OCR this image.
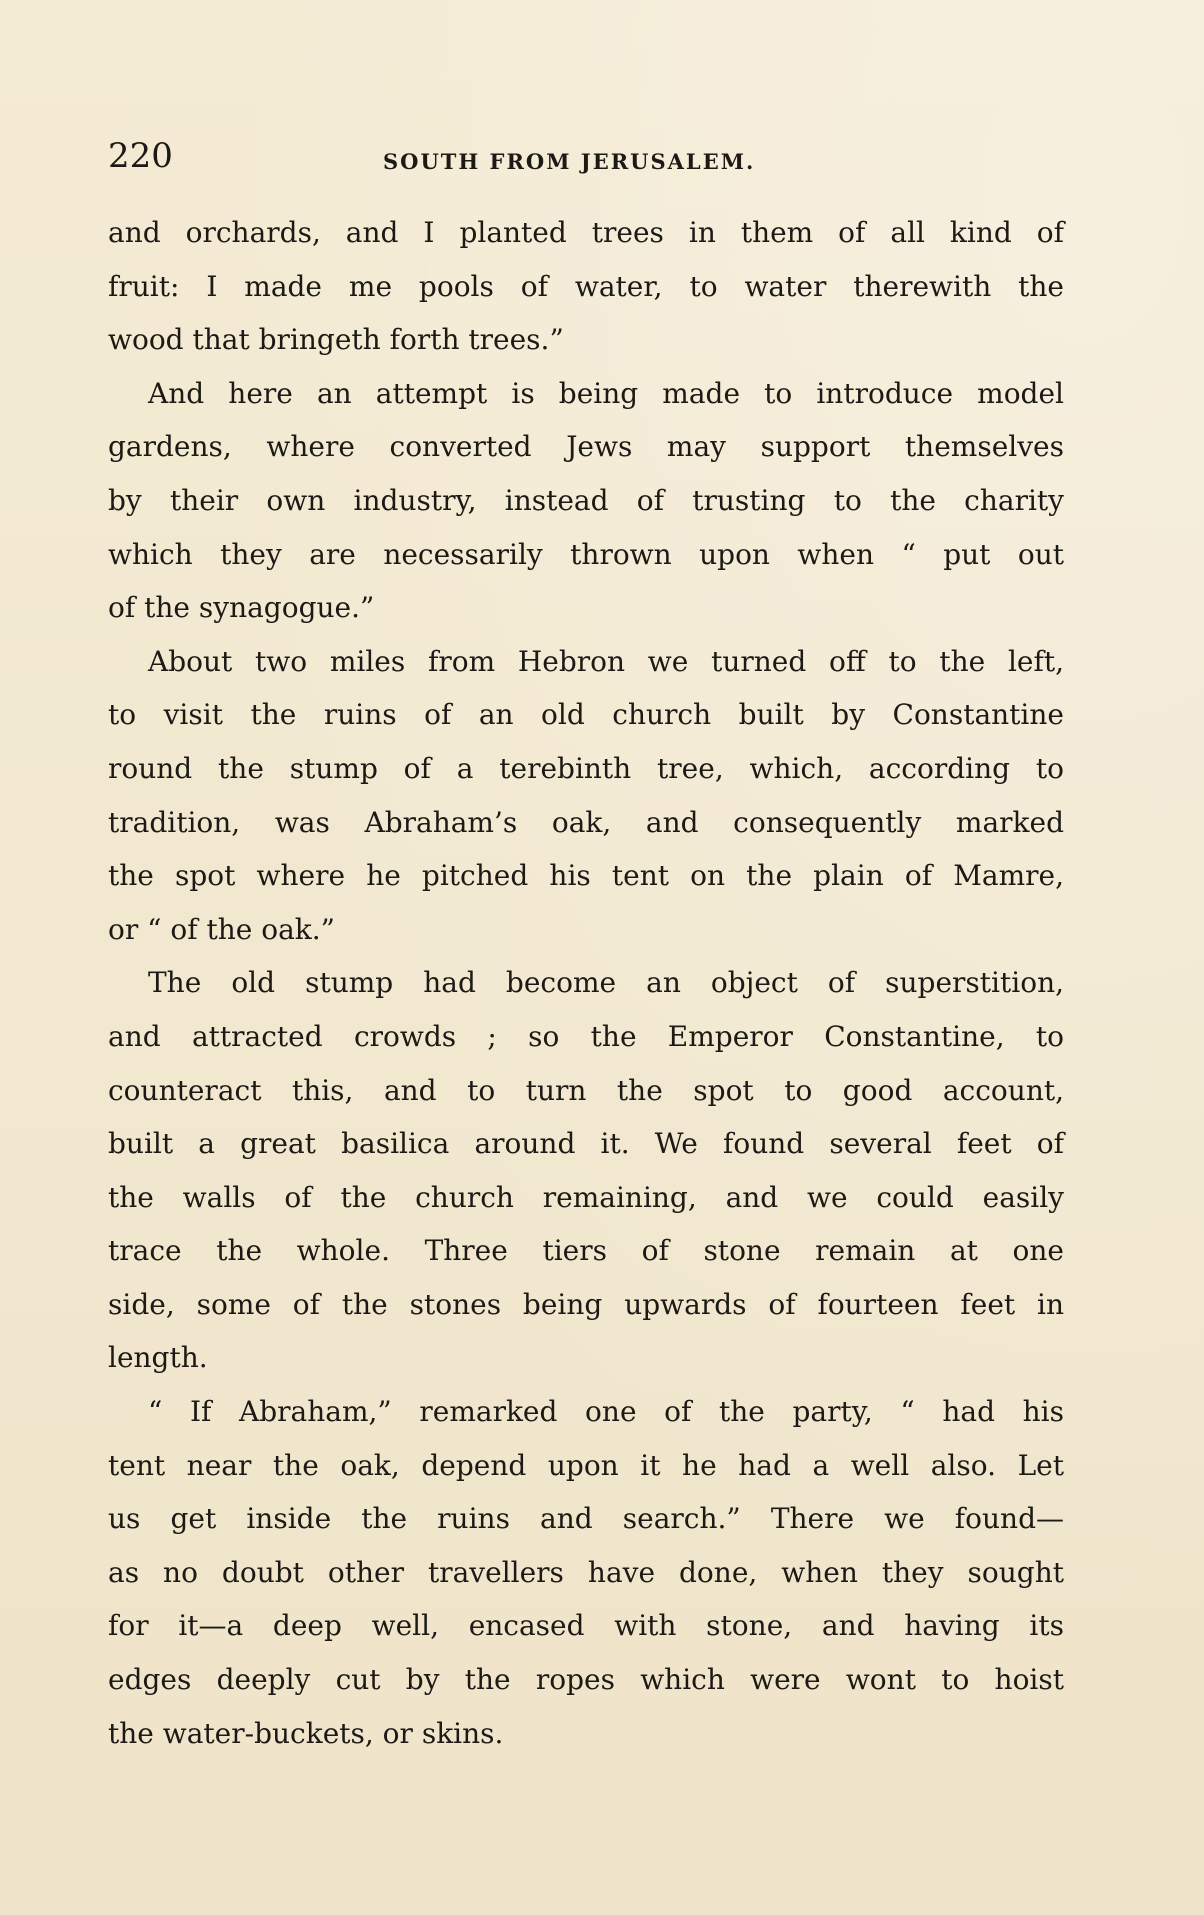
220	SOUTH FROM JERUSALEM.
and orchards, and I planted trees in them of all kind of
fruit: I made me pools of water, to water therewith the
wood that bringeth forth trees.”
And here an attempt is being made to introduce model
gardens, where converted Jews may support themselves
by their own industry, instead of trusting to the charity
which they are necessarily thrown upon when “ put out
of the synagogue.”
About two miles from Hebron we turned off to the left,
to visit the ruins of an old church built by Constantine
round the stump of a terebinth tree, which, according to
tradition, was Abraham’s oak, and consequently marked
the spot where he pitched his tent on the plain of Mamre,
or “ of the oak.”
The old stump had become an object of superstition,
and attracted crowds ; so the Emperor Constantine, to
counteract this, and to turn the spot to good account,
built a great basilica around it. We found several feet of
the walls of the church remaining, and we could easily
trace the whole. Three tiers of stone remain at one
side, some of the stones being upwards of fourteen feet in
length.
“ If Abraham,” remarked one of the party, “ had his
tent near the oak, depend upon it he had a well also. Let
us get inside the ruins and search.” There we found—
as no doubt other travellers have done, when they sought
for it—a deep well, encased with stone, and having its
edges deeply cut by the ropes which were wont to hoist
the water-buckets, or skins.
